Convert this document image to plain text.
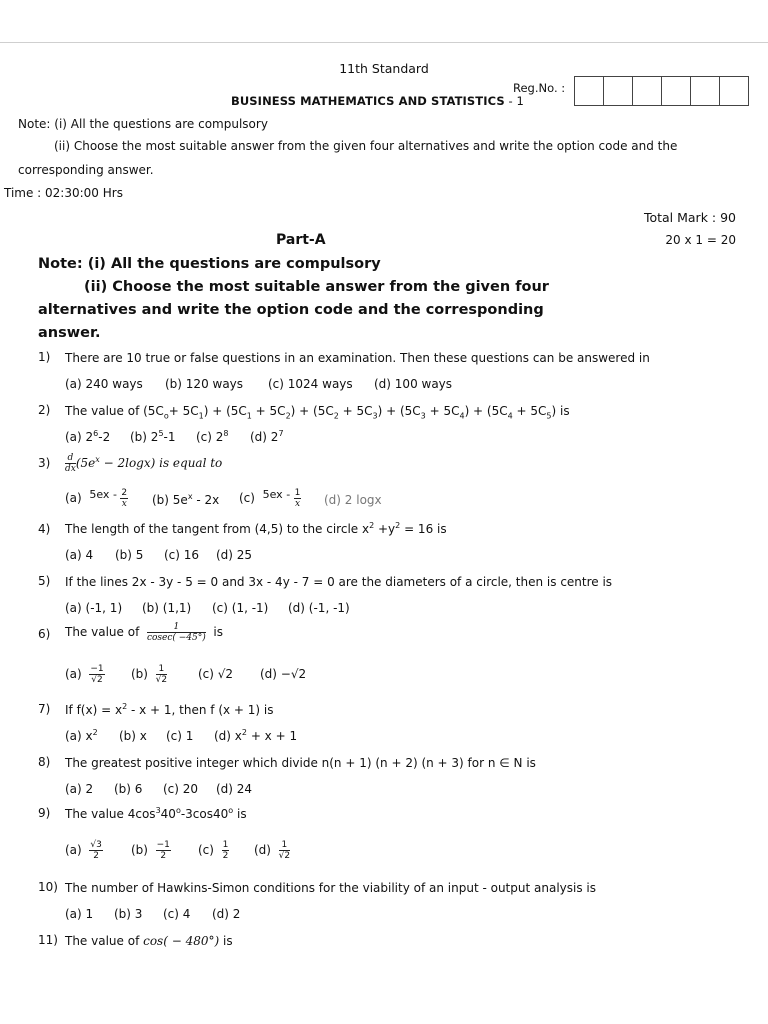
11th Standard
BUSINESS MATHEMATICS AND STATISTICS - 1
Reg.No. :
Note: (i) All the questions are compulsory
(ii) Choose the most suitable answer from the given four alternatives and write the option code and the
corresponding answer.
Time : 02:30:00 Hrs
Total Mark : 90
Part-A	20 x 1 = 20
Note: (i) All the questions are compulsory
(ii) Choose the most suitable answer from the given four
alternatives and write the option code and the corresponding
answer.
1) There are 10 true or false questions in an examination. Then these questions can be answered in
(a) 240 ways (b) 120 ways (c) 1024 ways (d) 100 ways
2) The value of $(5C_o+ 5C_1) + (5C_1 + 5C_2) + (5C_2 + 5C_3) + (5C_3 + 5C_4) + (5C_4 + 5C_5)$ is
(a) $2^6-2$ (b) $2^5-1$ (c) $2^8$ (d) $2^7$
$3) \frac{d}{dx} (5e^x - 2\log x)$ is equal to
(a) $5ex - \frac{2}{x} (b)$ $5e^x - 2x$ (c) $5ex - \frac{1}{x} (d)$ 2 logx
4) The length of the tangent from (4,5) to the circle $x^2 +y^2 = 16$ is
(a) 4 (b) 5 (c) 16 (d) 25
5) If the lines 2x - 3y - 5 = 0 and 3x - 4y - 7 = 0 are the diameters of a circle, then is centre is
(a) (-1, 1) (b) (1,1) (c) (1, -1) (d) (-1, -1)
6) The value of $\frac{1}{cosec( -45^\circ)}$ is
$(a) \frac{-1}{√2} (b) \frac{1}{√2}$	(c) √2 (d) −√2
7) If $f(x) = x^2 - x + 1$, then f (x + 1) is
(a) $x^2$ (b) x (c) 1 (d) $x^2 + x + 1$
8) The greatest positive integer which divide n(n + 1) (n + 2) (n + 3) for n ∈ N is
(a) 2 (b) 6 (c) 20 (d) 24
9) The value $4\cos^340^o-3\cos 40^o$ is
$(a) \frac{√3}{2} (b) \frac{-1}{2} (c) \frac{1}{2} (d) \frac{1}{√2}$
10) The number of Hawkins-Simon conditions for the viability of an input - output analysis is
(a) 1 (b) 3 (c) 4 (d) 2
11) The value of cos( − 480°) is
